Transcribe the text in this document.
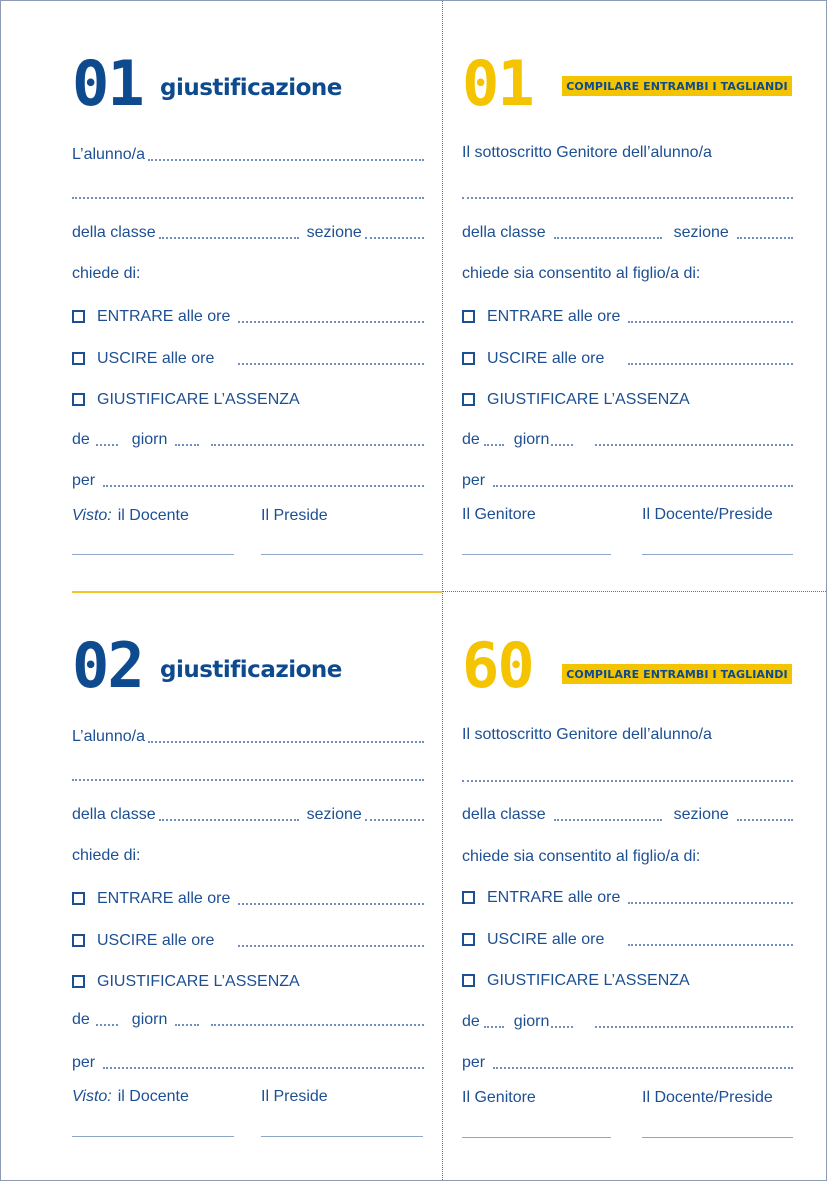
01 giustificazione
L’alunno/a
della classe	sezione
chiede di:
ENTRARE alle ore
USCIRE alle ore
GIUSTIFICARE L’ASSENZA
de	giorn
per
Visto: il Docente	Il Preside
01	COMPILARE ENTRAMBI I TAGLIANDI
Il sottoscritto Genitore dell’alunno/a
della classe	sezione
chiede sia consentito al figlio/a di:
ENTRARE alle ore
USCIRE alle ore
GIUSTIFICARE L’ASSENZA
de giorn
per
Il Genitore	Il Docente/Preside
02 giustificazione
L’alunno/a
della classe	sezione
chiede di:
ENTRARE alle ore
USCIRE alle ore
GIUSTIFICARE L’ASSENZA
de	giorn
per
Visto: il Docente	Il Preside
60	COMPILARE ENTRAMBI I TAGLIANDI
Il sottoscritto Genitore dell’alunno/a
della classe	sezione
chiede sia consentito al figlio/a di:
ENTRARE alle ore
USCIRE alle ore
GIUSTIFICARE L’ASSENZA
de giorn
per
Il Genitore	Il Docente/Preside
